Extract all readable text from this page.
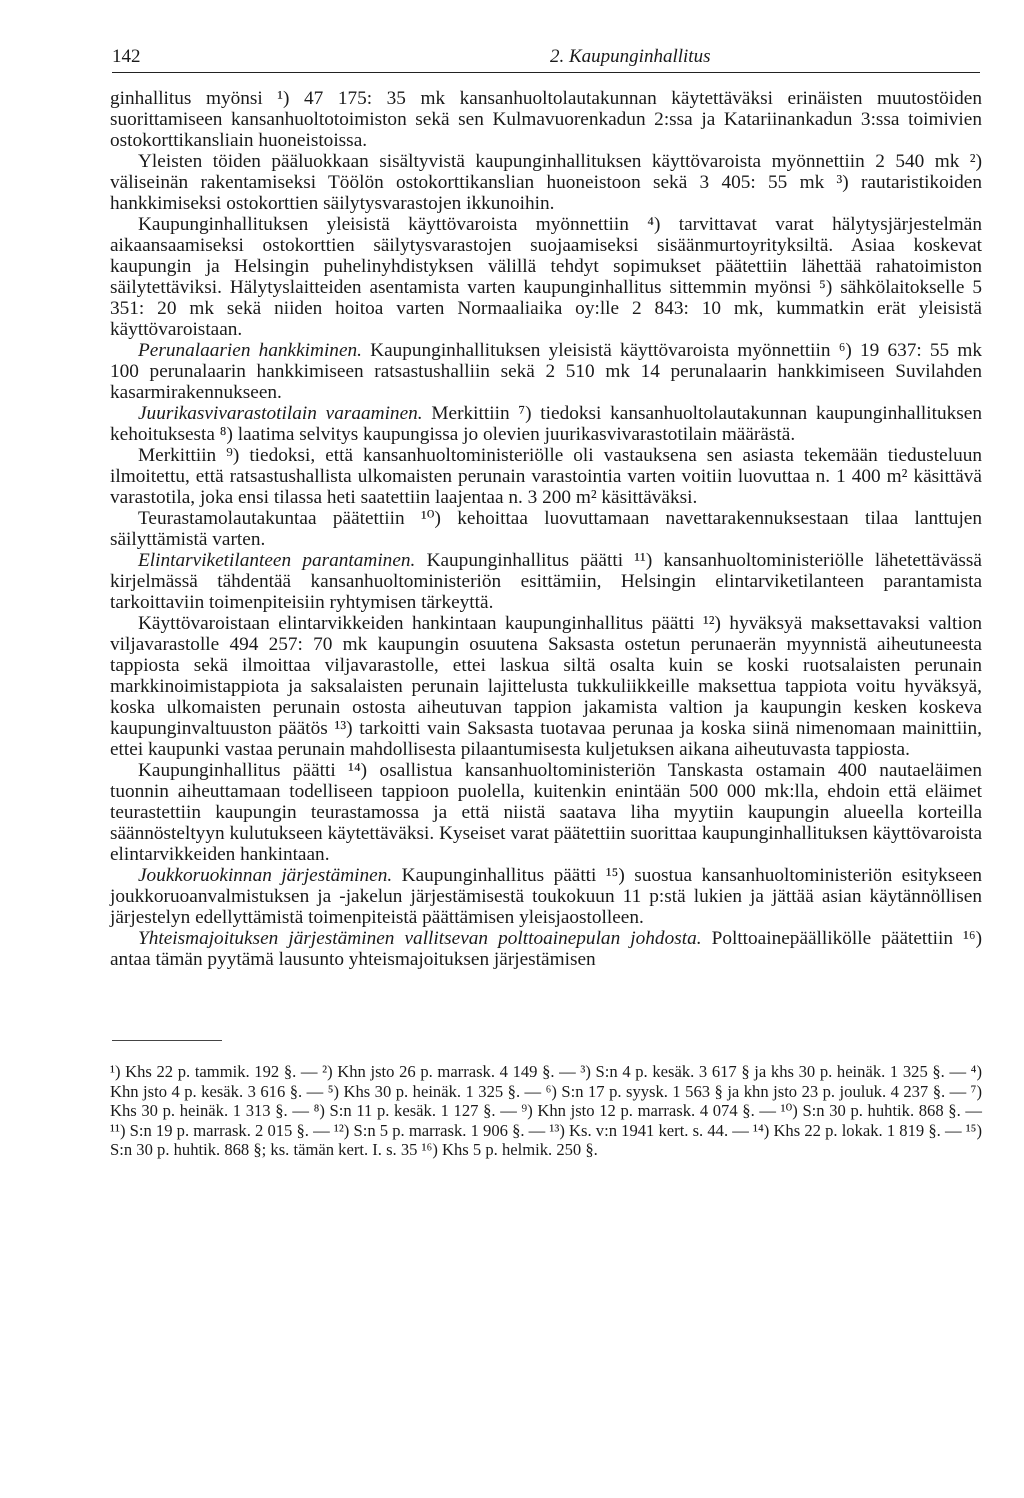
142	2. Kaupunginhallitus

ginhallitus myönsi ¹) 47 175: 35 mk kansanhuoltolautakunnan käytettäväksi erinäisten muutostöiden suorittamiseen kansanhuoltotoimiston sekä sen Kulmavuorenkadun 2:ssa ja Katariinankadun 3:ssa toimivien ostokorttikansliain huoneistoissa.

Yleisten töiden pääluokkaan sisältyvistä kaupunginhallituksen käyttövaroista myönnettiin 2 540 mk ²) väliseinän rakentamiseksi Töölön ostokorttikanslian huoneistoon sekä 3 405: 55 mk ³) rautaristikoiden hankkimiseksi ostokorttien säilytysvarastojen ikkunoihin.

Kaupunginhallituksen yleisistä käyttövaroista myönnettiin ⁴) tarvittavat varat hälytysjärjestelmän aikaansaamiseksi ostokorttien säilytysvarastojen suojaamiseksi sisäänmurtoyrityksiltä. Asiaa koskevat kaupungin ja Helsingin puhelinyhdistyksen välillä tehdyt sopimukset päätettiin lähettää rahatoimiston säilytettäviksi. Hälytyslaitteiden asentamista varten kaupunginhallitus sittemmin myönsi ⁵) sähkölaitokselle 5 351: 20 mk sekä niiden hoitoa varten Normaaliaika oy:lle 2 843: 10 mk, kummatkin erät yleisistä käyttövaroistaan.

Perunalaarien hankkiminen. Kaupunginhallituksen yleisistä käyttövaroista myönnettiin ⁶) 19 637: 55 mk 100 perunalaarin hankkimiseen ratsastushalliin sekä 2 510 mk 14 perunalaarin hankkimiseen Suvilahden kasarmirakennukseen.

Juurikasvivarastotilain varaaminen. Merkittiin ⁷) tiedoksi kansanhuoltolautakunnan kaupunginhallituksen kehoituksesta ⁸) laatima selvitys kaupungissa jo olevien juurikasvivarastotilain määrästä.

Merkittiin ⁹) tiedoksi, että kansanhuoltoministeriölle oli vastauksena sen asiasta tekemään tiedusteluun ilmoitettu, että ratsastushallista ulkomaisten perunain varastointia varten voitiin luovuttaa n. 1 400 m² käsittävä varastotila, joka ensi tilassa heti saatettiin laajentaa n. 3 200 m² käsittäväksi.

Teurastamolautakuntaa päätettiin ¹⁰) kehoittaa luovuttamaan navettarakennuksestaan tilaa lanttujen säilyttämistä varten.

Elintarviketilanteen parantaminen. Kaupunginhallitus päätti ¹¹) kansanhuoltoministeriölle lähetettävässä kirjelmässä tähdentää kansanhuoltoministeriön esittämiin, Helsingin elintarviketilanteen parantamista tarkoittaviin toimenpiteisiin ryhtymisen tärkeyttä.

Käyttövaroistaan elintarvikkeiden hankintaan kaupunginhallitus päätti ¹²) hyväksyä maksettavaksi valtion viljavarastolle 494 257: 70 mk kaupungin osuutena Saksasta ostetun perunaerän myynnistä aiheutuneesta tappiosta sekä ilmoittaa viljavarastolle, ettei laskua siltä osalta kuin se koski ruotsalaisten perunain markkinoimistappiota ja saksalaisten perunain lajittelusta tukkuliikkeille maksettua tappiota voitu hyväksyä, koska ulkomaisten perunain ostosta aiheutuvan tappion jakamista valtion ja kaupungin kesken koskeva kaupunginvaltuuston päätös ¹³) tarkoitti vain Saksasta tuotavaa perunaa ja koska siinä nimenomaan mainittiin, ettei kaupunki vastaa perunain mahdollisesta pilaantumisesta kuljetuksen aikana aiheutuvasta tappiosta.

Kaupunginhallitus päätti ¹⁴) osallistua kansanhuoltoministeriön Tanskasta ostamain 400 nautaeläimen tuonnin aiheuttamaan todelliseen tappioon puolella, kuitenkin enintään 500 000 mk:lla, ehdoin että eläimet teurastettiin kaupungin teurastamossa ja että niistä saatava liha myytiin kaupungin alueella korteilla säännösteltyyn kulutukseen käytettäväksi. Kyseiset varat päätettiin suorittaa kaupunginhallituksen käyttövaroista elintarvikkeiden hankintaan.

Joukkoruokinnan järjestäminen. Kaupunginhallitus päätti ¹⁵) suostua kansanhuoltoministeriön esitykseen joukkoruoanvalmistuksen ja -jakelun järjestämisestä toukokuun 11 p:stä lukien ja jättää asian käytännöllisen järjestelyn edellyttämistä toimenpiteistä päättämisen yleisjaostolleen.

Yhteismajoituksen järjestäminen vallitsevan polttoainepulan johdosta. Polttoainepäällikölle päätettiin ¹⁶) antaa tämän pyytämä lausunto yhteismajoituksen järjestämisen

¹) Khs 22 p. tammik. 192 §. — ²) Khn jsto 26 p. marrask. 4 149 §. — ³) S:n 4 p. kesäk. 3 617 § ja khs 30 p. heinäk. 1 325 §. — ⁴) Khn jsto 4 p. kesäk. 3 616 §. — ⁵) Khs 30 p. heinäk. 1 325 §. — ⁶) S:n 17 p. syysk. 1 563 § ja khn jsto 23 p. jouluk. 4 237 §. — ⁷) Khs 30 p. heinäk. 1 313 §. — ⁸) S:n 11 p. kesäk. 1 127 §. — ⁹) Khn jsto 12 p. marrask. 4 074 §. — ¹⁰) S:n 30 p. huhtik. 868 §. — ¹¹) S:n 19 p. marrask. 2 015 §. — ¹²) S:n 5 p. marrask. 1 906 §. — ¹³) Ks. v:n 1941 kert. s. 44. — ¹⁴) Khs 22 p. lokak. 1 819 §. — ¹⁵) S:n 30 p. huhtik. 868 §; ks. tämän kert. I. s. 35 ¹⁶) Khs 5 p. helmik. 250 §.
